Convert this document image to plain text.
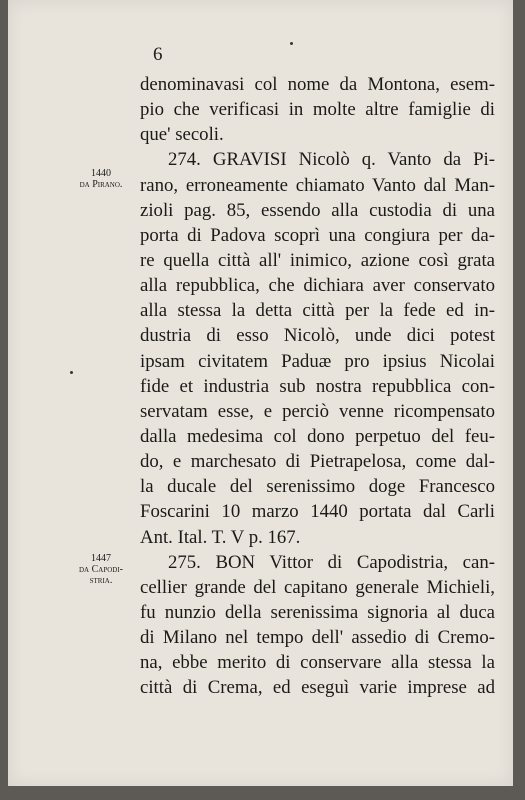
6
1440
da Pirano.
1447
da Capodi-
stria.
denominavasi col nome da Montona, esem-
pio che verificasi in molte altre famiglie di
que' secoli.
274. GRAVISI Nicolò q. Vanto da Pi-
rano, erroneamente chiamato Vanto dal Man-
zioli pag. 85, essendo alla custodia di una
porta di Padova scoprì una congiura per da-
re quella città all' inimico, azione così grata
alla repubblica, che dichiara aver conservato
alla stessa la detta città per la fede ed in-
dustria di esso Nicolò, unde dici potest
ipsam civitatem Paduæ pro ipsius Nicolai
fide et industria sub nostra repubblica con-
servatam esse, e perciò venne ricompensato
dalla medesima col dono perpetuo del feu-
do, e marchesato di Pietrapelosa, come dal-
la ducale del serenissimo doge Francesco
Foscarini 10 marzo 1440 portata dal Carli
Ant. Ital. T. V p. 167.
275. BON Vittor di Capodistria, can-
cellier grande del capitano generale Michieli,
fu nunzio della serenissima signoria al duca
di Milano nel tempo dell' assedio di Cremo-
na, ebbe merito di conservare alla stessa la
città di Crema, ed eseguì varie imprese ad
